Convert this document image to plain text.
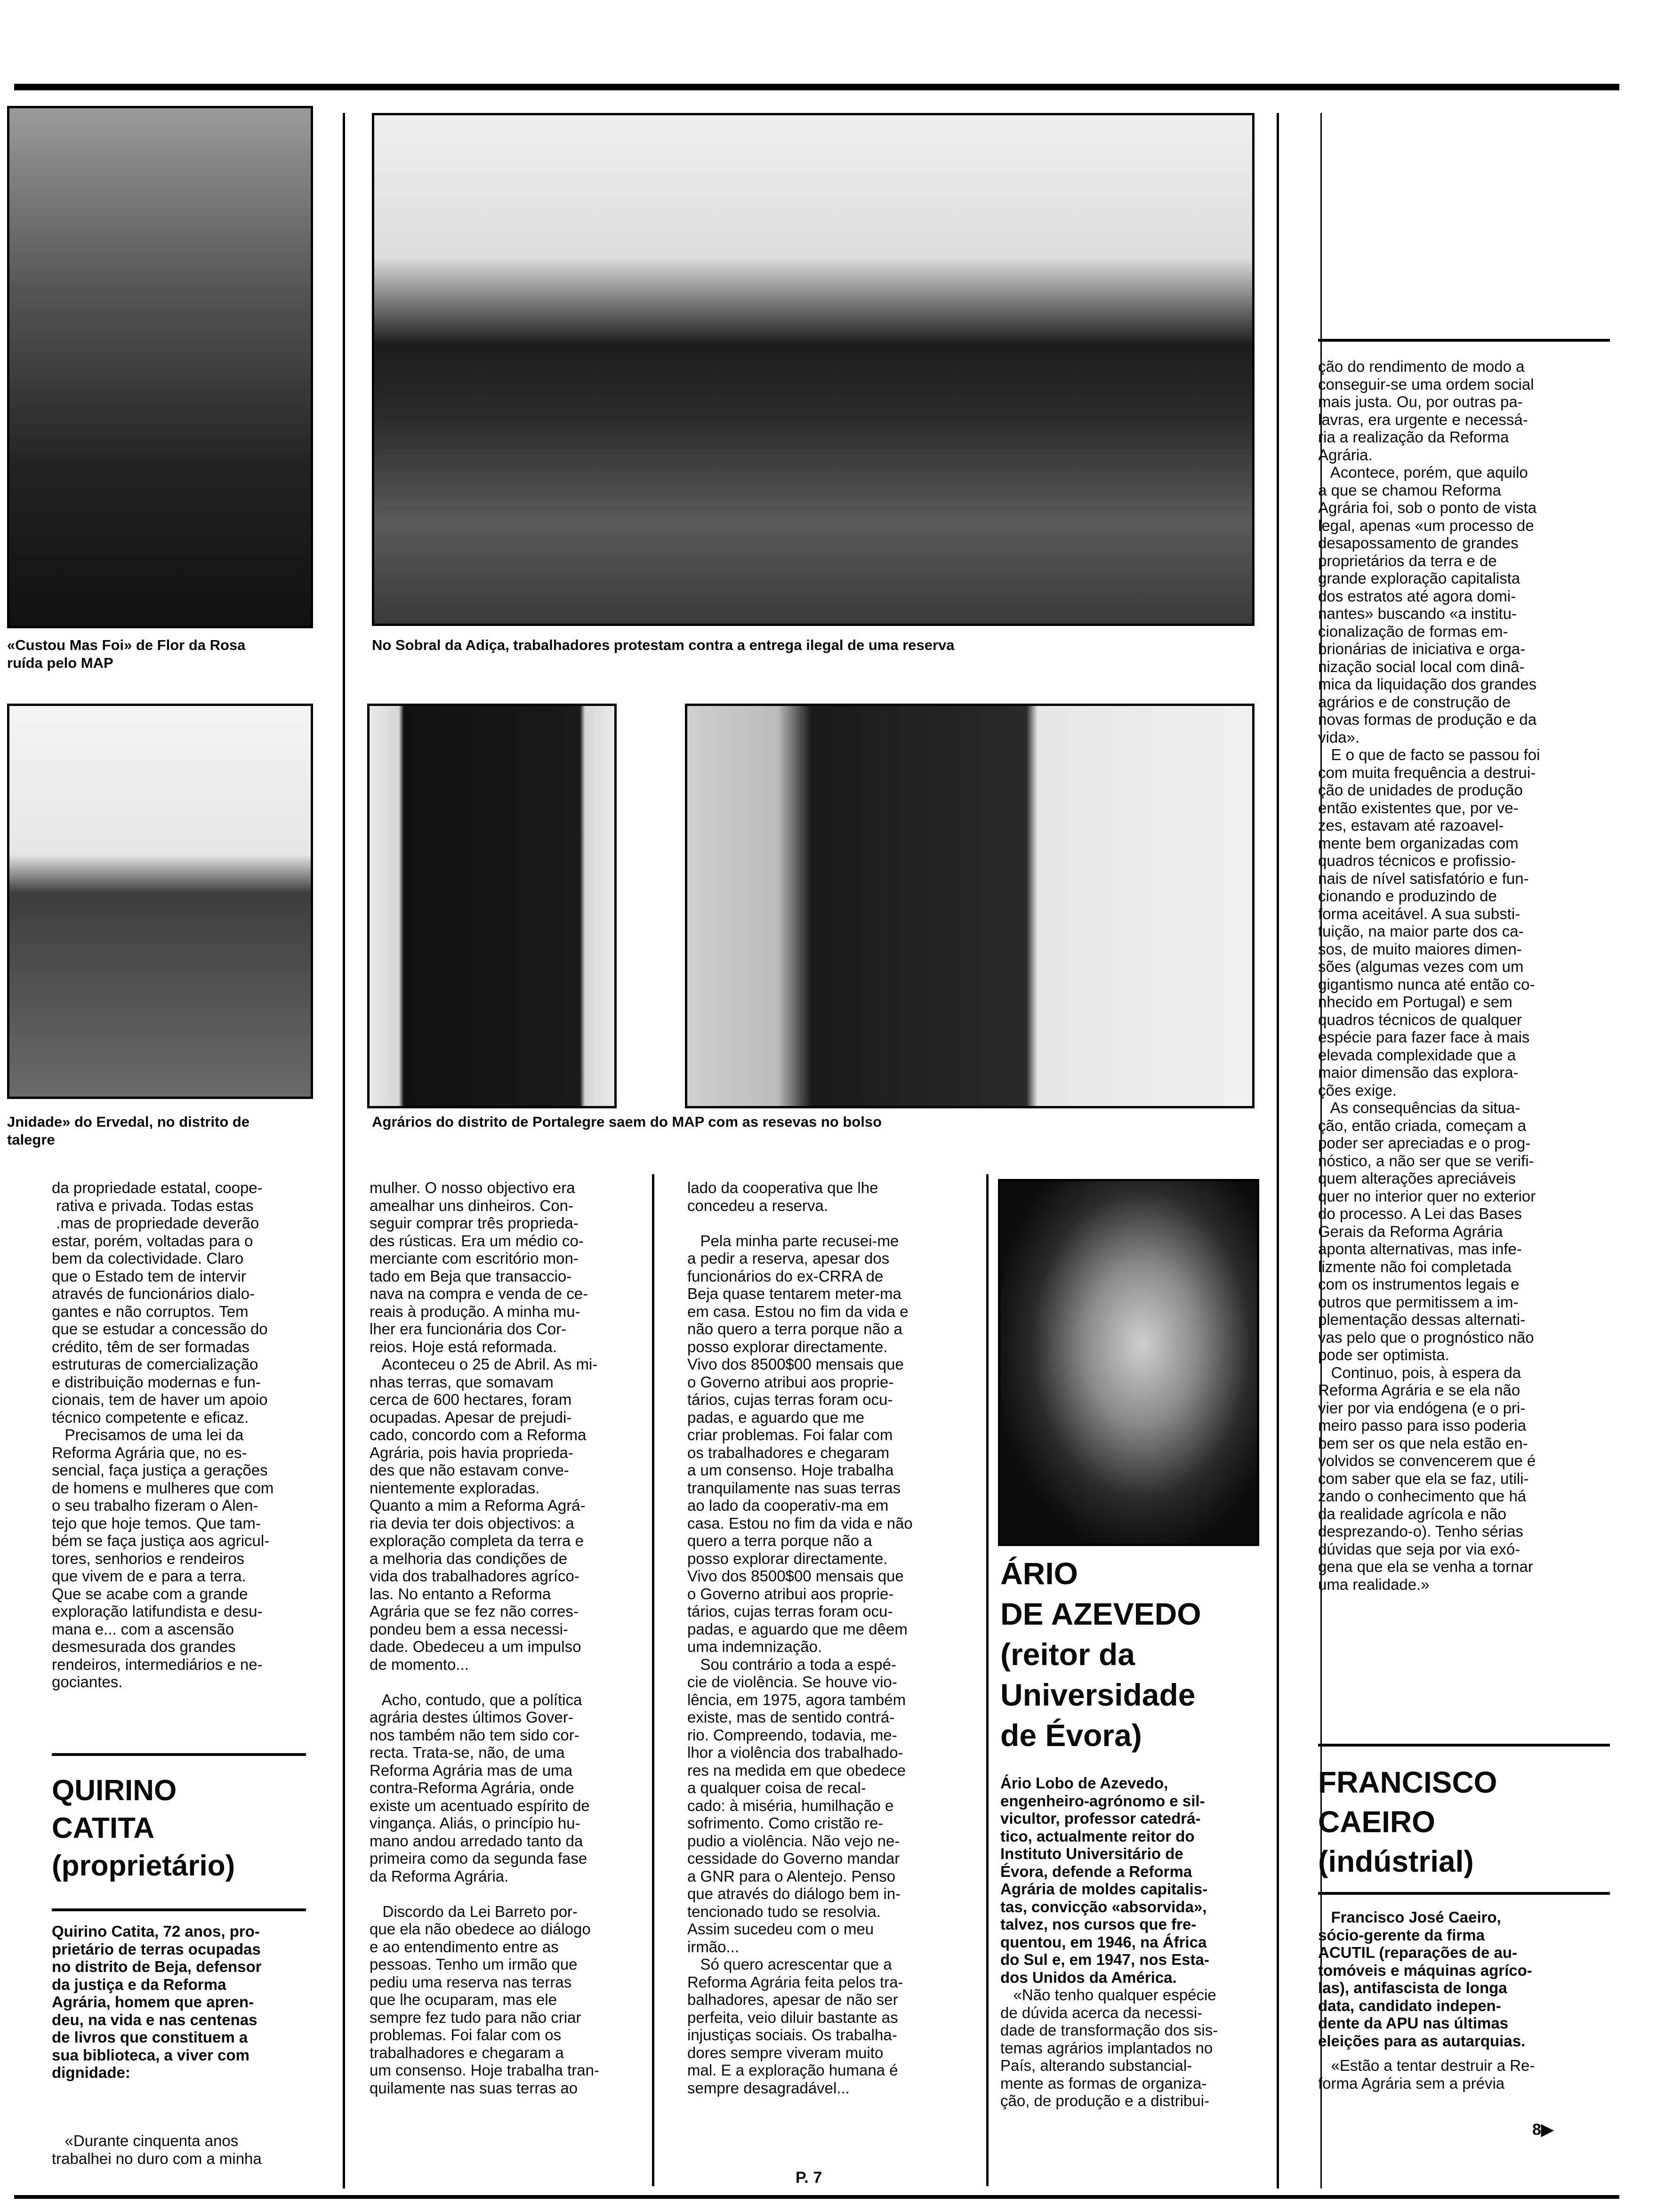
«Custou Mas Foi» de Flor da Rosa
ruída pelo MAP
No Sobral da Adiça, trabalhadores protestam contra a entrega ilegal de uma reserva
Jnidade» do Ervedal, no distrito de
talegre
Agrários do distrito de Portalegre saem do MAP com as resevas no bolso
da propriedade estatal, coope-
rativa e privada. Todas estas
.mas de propriedade deverão
estar, porém, voltadas para o
bem da colectividade. Claro
que o Estado tem de intervir
através de funcionários dialo-
gantes e não corruptos. Tem
que se estudar a concessão do
crédito, têm de ser formadas
estruturas de comercialização
e distribuição modernas e fun-
cionais, tem de haver um apoio
técnico competente e eficaz.
Precisamos de uma lei da
Reforma Agrária que, no es-
sencial, faça justiça a gerações
de homens e mulheres que com
o seu trabalho fizeram o Alen-
tejo que hoje temos. Que tam-
bém se faça justiça aos agricul-
tores, senhorios e rendeiros
que vivem de e para a terra.
Que se acabe com a grande
exploração latifundista e desu-
mana e... com a ascensão
desmesurada dos grandes
rendeiros, intermediários e ne-
gociantes.
QUIRINO
CATITA
(proprietário)
Quirino Catita, 72 anos, pro-
prietário de terras ocupadas
no distrito de Beja, defensor
da justiça e da Reforma
Agrária, homem que apren-
deu, na vida e nas centenas
de livros que constituem a
sua biblioteca, a viver com
dignidade:
«Durante cinquenta anos
trabalhei no duro com a minha
mulher. O nosso objectivo era
amealhar uns dinheiros. Con-
seguir comprar três proprieda-
des rústicas. Era um médio co-
merciante com escritório mon-
tado em Beja que transaccio-
nava na compra e venda de ce-
reais à produção. A minha mu-
lher era funcionária dos Cor-
reios. Hoje está reformada.
Aconteceu o 25 de Abril. As mi-
nhas terras, que somavam
cerca de 600 hectares, foram
ocupadas. Apesar de prejudi-
cado, concordo com a Reforma
Agrária, pois havia proprieda-
des que não estavam conve-
nientemente exploradas.
Quanto a mim a Reforma Agrá-
ria devia ter dois objectivos: a
exploração completa da terra e
a melhoria das condições de
vida dos trabalhadores agríco-
las. No entanto a Reforma
Agrária que se fez não corres-
pondeu bem a essa necessi-
dade. Obedeceu a um impulso
de momento...

Acho, contudo, que a política
agrária destes últimos Gover-
nos também não tem sido cor-
recta. Trata-se, não, de uma
Reforma Agrária mas de uma
contra-Reforma Agrária, onde
existe um acentuado espírito de
vingança. Aliás, o princípio hu-
mano andou arredado tanto da
primeira como da segunda fase
da Reforma Agrária.

Discordo da Lei Barreto por-
que ela não obedece ao diálogo
e ao entendimento entre as
pessoas. Tenho um irmão que
pediu uma reserva nas terras
que lhe ocuparam, mas ele
sempre fez tudo para não criar
problemas. Foi falar com os
trabalhadores e chegaram a
um consenso. Hoje trabalha tran-
quilamente nas suas terras ao
lado da cooperativa que lhe
concedeu a reserva.

Pela minha parte recusei-me
a pedir a reserva, apesar dos
funcionários do ex-CRRA de
Beja quase tentarem meter-ma
em casa. Estou no fim da vida e
não quero a terra porque não a
posso explorar directamente.
Vivo dos 8500$00 mensais que
o Governo atribui aos proprie-
tários, cujas terras foram ocu-
padas, e aguardo que me
criar problemas. Foi falar com
os trabalhadores e chegaram
a um consenso. Hoje trabalha
tranquilamente nas suas terras
ao lado da cooperativ-ma em
casa. Estou no fim da vida e não
quero a terra porque não a
posso explorar directamente.
Vivo dos 8500$00 mensais que
o Governo atribui aos proprie-
tários, cujas terras foram ocu-
padas, e aguardo que me dêem
uma indemnização.
Sou contrário a toda a espé-
cie de violência. Se houve vio-
lência, em 1975, agora também
existe, mas de sentido contrá-
rio. Compreendo, todavia, me-
lhor a violência dos trabalhado-
res na medida em que obedece
a qualquer coisa de recal-
cado: à miséria, humilhação e
sofrimento. Como cristão re-
pudio a violência. Não vejo ne-
cessidade do Governo mandar
a GNR para o Alentejo. Penso
que através do diálogo bem in-
tencionado tudo se resolvia.
Assim sucedeu com o meu
irmão...
Só quero acrescentar que a
Reforma Agrária feita pelos tra-
balhadores, apesar de não ser
perfeita, veio diluir bastante as
injustiças sociais. Os trabalha-
dores sempre viveram muito
mal. E a exploração humana é
sempre desagradável...
ÁRIO
DE AZEVEDO
(reitor da
Universidade
de Évora)
Ário Lobo de Azevedo,
engenheiro-agrónomo e sil-
vicultor, professor catedrá-
tico, actualmente reitor do
Instituto Universitário de
Évora, defende a Reforma
Agrária de moldes capitalis-
tas, convicção «absorvida»,
talvez, nos cursos que fre-
quentou, em 1946, na África
do Sul e, em 1947, nos Esta-
dos Unidos da América.
«Não tenho qualquer espécie
de dúvida acerca da necessi-
dade de transformação dos sis-
temas agrários implantados no
País, alterando substancial-
mente as formas de organiza-
ção, de produção e a distribui-
ção do rendimento de modo a
conseguir-se uma ordem social
mais justa. Ou, por outras pa-
lavras, era urgente e necessá-
ria a realização da Reforma
Agrária.
Acontece, porém, que aquilo
a que se chamou Reforma
Agrária foi, sob o ponto de vista
legal, apenas «um processo de
desapossamento de grandes
proprietários da terra e de
grande exploração capitalista
dos estratos até agora domi-
nantes» buscando «a institu-
cionalização de formas em-
brionárias de iniciativa e orga-
nização social local com dinâ-
mica da liquidação dos grandes
agrários e de construção de
novas formas de produção e da
vida».
E o que de facto se passou foi
com muita frequência a destrui-
ção de unidades de produção
então existentes que, por ve-
zes, estavam até razoavel-
mente bem organizadas com
quadros técnicos e profissio-
nais de nível satisfatório e fun-
cionando e produzindo de
forma aceitável. A sua substi-
tuição, na maior parte dos ca-
sos, de muito maiores dimen-
sões (algumas vezes com um
gigantismo nunca até então co-
nhecido em Portugal) e sem
quadros técnicos de qualquer
espécie para fazer face à mais
elevada complexidade que a
maior dimensão das explora-
ções exige.
As consequências da situa-
ção, então criada, começam a
poder ser apreciadas e o prog-
nóstico, a não ser que se verifi-
quem alterações apreciáveis
quer no interior quer no exterior
do processo. A Lei das Bases
Gerais da Reforma Agrária
aponta alternativas, mas infe-
lizmente não foi completada
com os instrumentos legais e
outros que permitissem a im-
plementação dessas alternati-
vas pelo que o prognóstico não
pode ser optimista.
Continuo, pois, à espera da
Reforma Agrária e se ela não
vier por via endógena (e o pri-
meiro passo para isso poderia
bem ser os que nela estão en-
volvidos se convencerem que é
com saber que ela se faz, utili-
zando o conhecimento que há
da realidade agrícola e não
desprezando-o). Tenho sérias
dúvidas que seja por via exó-
gena que ela se venha a tornar
uma realidade.»
FRANCISCO
CAEIRO
(indústrial)
Francisco José Caeiro,
sócio-gerente da firma
ACUTIL (reparações de au-
tomóveis e máquinas agríco-
las), antifascista de longa
data, candidato indepen-
dente da APU nas últimas
eleições para as autarquias.
«Estão a tentar destruir a Re-
forma Agrária sem a prévia
P. 7
8▶
